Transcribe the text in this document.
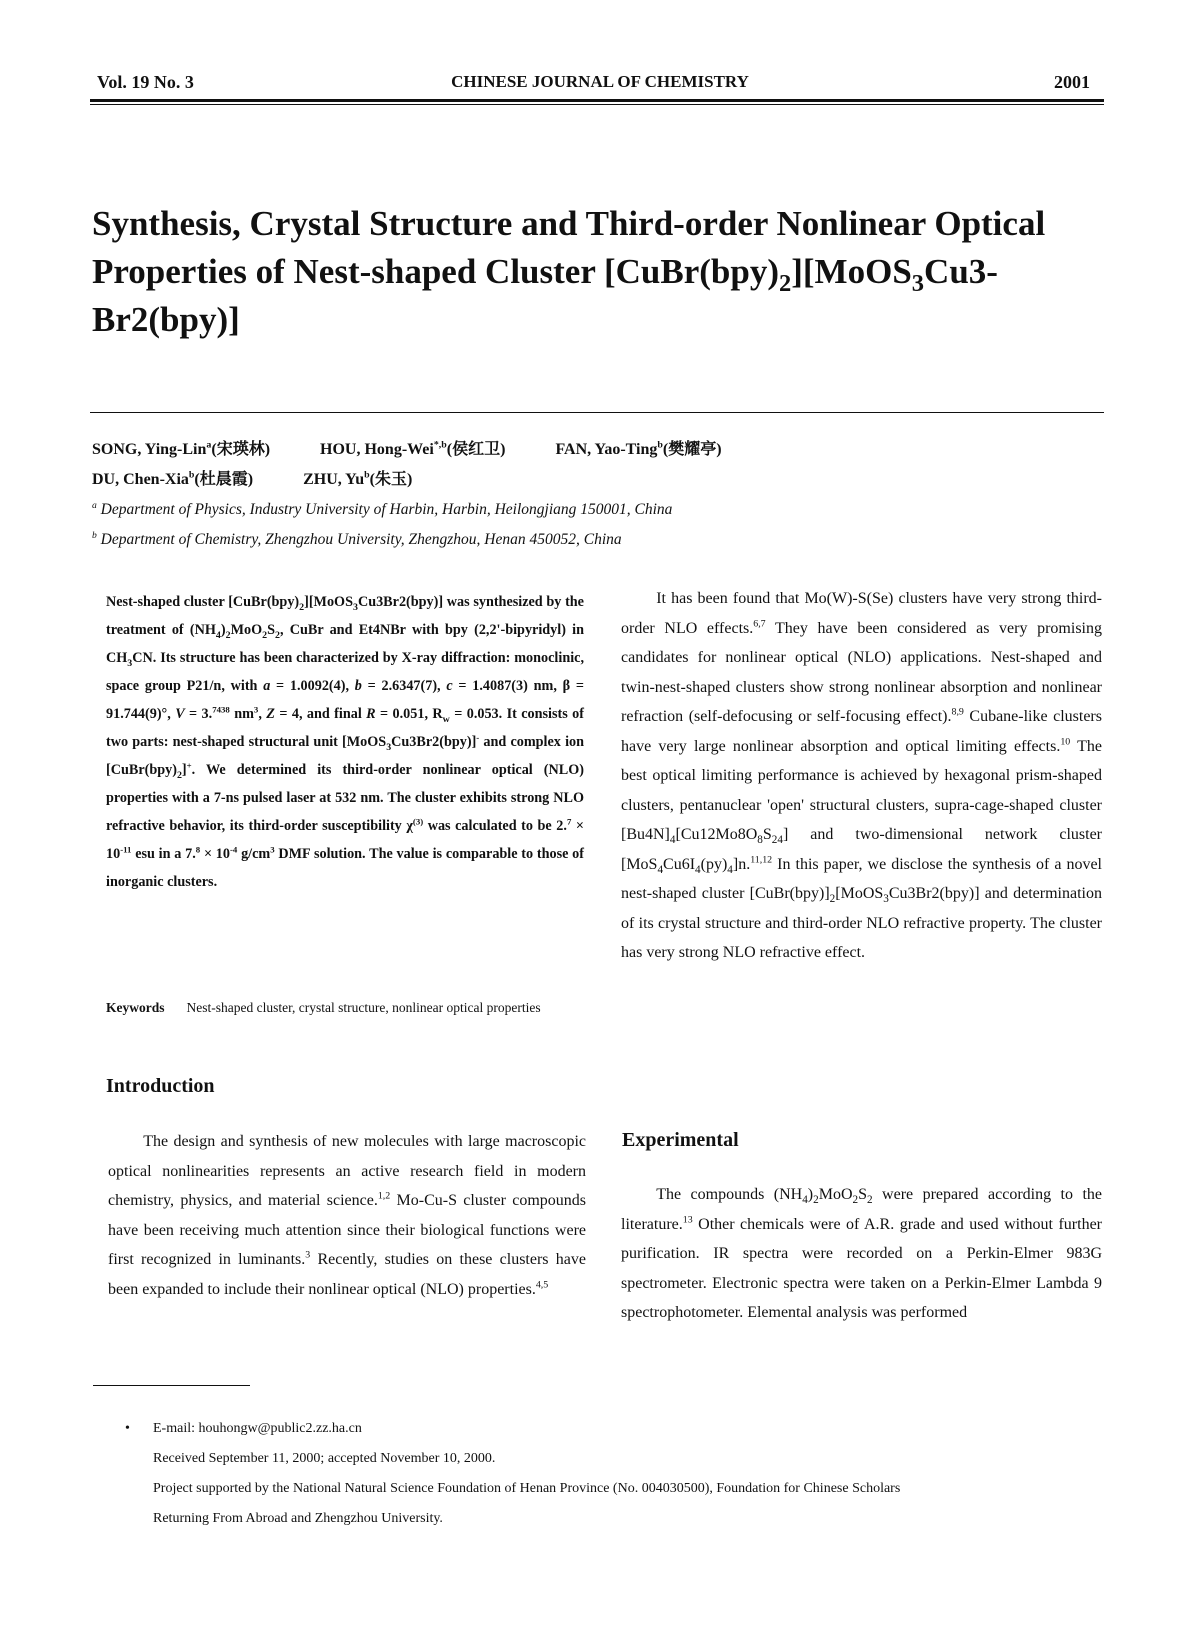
Vol. 19 No. 3	CHINESE JOURNAL OF CHEMISTRY	2001
Synthesis, Crystal Structure and Third-order Nonlinear Optical Properties of Nest-shaped Cluster $[CuBr(bpy)_2][MoOS_3Cu3-Br2(bpy)]$
SONG, Ying-Lin$^a$(宋瑛林)	HOU, Hong-Wei$^{*,b}$(侯红卫)	FAN, Yao-Ting$^b$(樊耀亭)
DU, Chen-Xia$^b$(杜晨霞)	ZHU, Yu$^b$(朱玉)
$^a$ Department of Physics, Industry University of Harbin, Harbin, Heilongjiang 150001, China
$^b$ Department of Chemistry, Zhengzhou University, Zhengzhou, Henan 450052, China
Nest-shaped cluster $[CuBr(bpy)_2][MoOS_3Cu3Br2(bpy)]$ was synthesized by the treatment of $(NH_4)_2MoO_2S_2$, CuBr and Et4NBr with bpy (2,2'-bipyridyl) in $CH_3CN$. Its structure has been characterized by X-ray diffraction: monoclinic, space group P21/n, with a = 1.0092(4), b = 2.6347(7), c = 1.4087(3) nm, β = 91.744(9)°, V = 3.$^{7438}$ $nm^3$, Z = 4, and final R = 0.051, $R_w = 0.053$. It consists of two parts: nest-shaped structural unit [MoOS$_3$Cu3Br2(bpy)]- and complex ion $[CuBr(bpy)_2]^+$. We determined its third-order nonlinear optical (NLO) properties with a 7-ns pulsed laser at 532 nm. The cluster exhibits strong NLO refractive behavior, its third-order susceptibility $\chi^{(3)}$ was calculated to be $2.^7 \times 10^{-11}$ esu in a $7.^8 \times 10^{-4}$ $g/cm^3$ DMF solution. The value is comparable to those of inorganic clusters.
Keywords Nest-shaped cluster, crystal structure, nonlinear optical properties
Introduction
The design and synthesis of new molecules with large macroscopic optical nonlinearities represents an active research field in modern chemistry, physics, and material science.$^{1,2}$ Mo-Cu-S cluster compounds have been receiving much attention since their biological functions were first recognized in luminants.$^3$ Recently, studies on these clusters have been expanded to include their nonlinear optical (NLO) properties.$^{4,5}$
It has been found that Mo(W)-S(Se) clusters have very strong third-order NLO effects.$^{6,7}$ They have been considered as very promising candidates for nonlinear optical (NLO) applications. Nest-shaped and twin-nest-shaped clusters show strong nonlinear absorption and nonlinear refraction (self-defocusing or self-focusing effect).$^{8,9}$ Cubane-like clusters have very large nonlinear absorption and optical limiting effects.$^{10}$ The best optical limiting performance is achieved by hexagonal prism-shaped clusters, pentanuclear 'open' structural clusters, supra-cage-shaped cluster $[Bu4N]_4[Cu12Mo8O_8S_{24}]$ and two-dimensional network cluster $[MoS_4Cu6I_4(py)_4]n.^{11,12}$ In this paper, we disclose the synthesis of a novel nest-shaped cluster $[CuBr(bpy)]_2[MoOS_3Cu3Br2(bpy)]$ and determination of its crystal structure and third-order NLO refractive property. The cluster has very strong NLO refractive effect.
Experimental
The compounds $(NH_4)_2MoO_2S_2$ were prepared according to the literature.$^{13}$ Other chemicals were of A.R. grade and used without further purification. IR spectra were recorded on a Perkin-Elmer 983G spectrometer. Electronic spectra were taken on a Perkin-Elmer Lambda 9 spectrophotometer. Elemental analysis was performed
• E-mail: houhongw@public2.zz.ha.cn
Received September 11, 2000; accepted November 10, 2000.
Project supported by the National Natural Science Foundation of Henan Province (No. 004030500), Foundation for Chinese Scholars
Returning From Abroad and Zhengzhou University.
